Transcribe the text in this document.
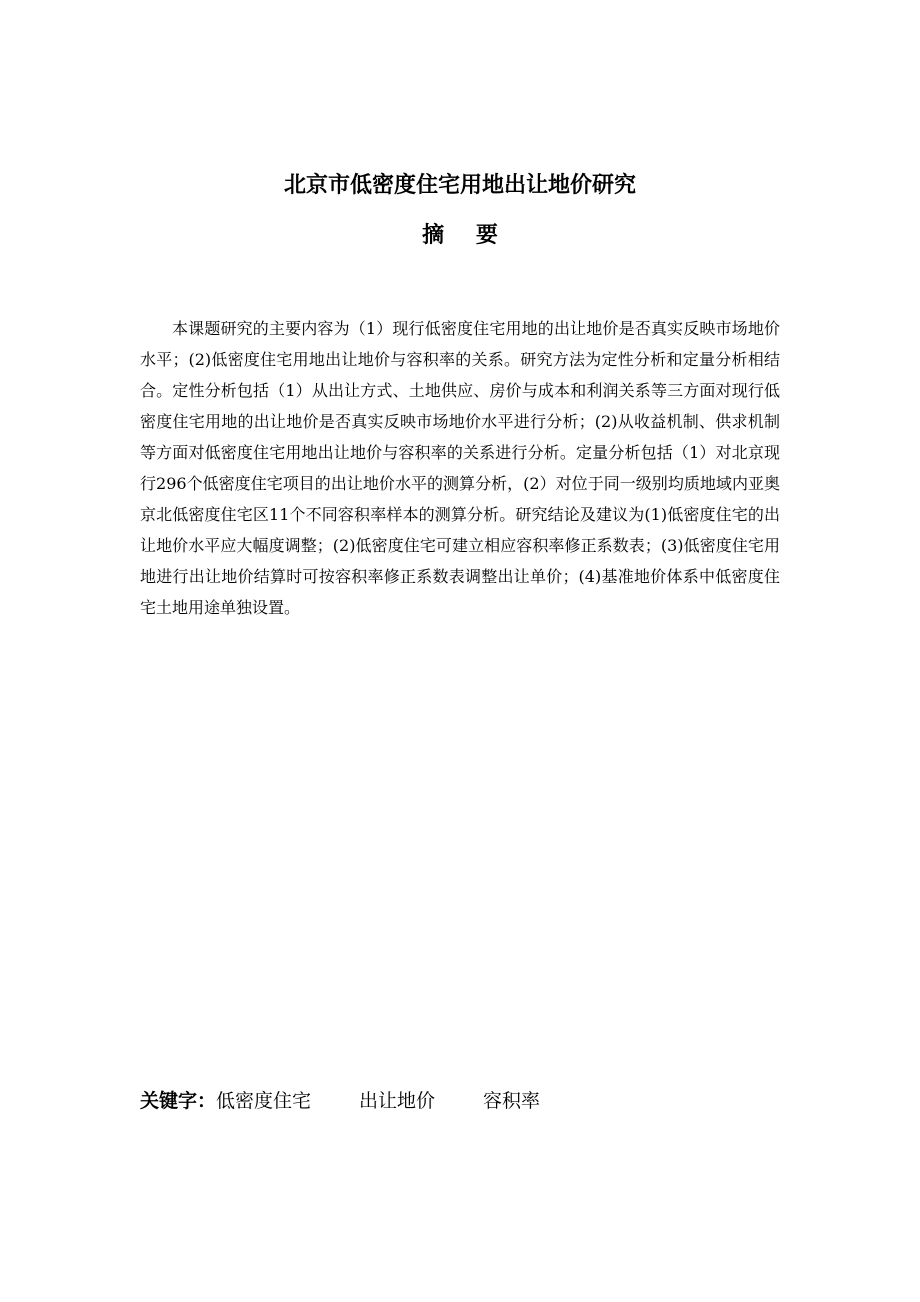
北京市低密度住宅用地出让地价研究
摘 要

本课题研究的主要内容为（1）现行低密度住宅用地的出让地价是否真实反映市场地价水平；(2)低密度住宅用地出让地价与容积率的关系。研究方法为定性分析和定量分析相结合。定性分析包括（1）从出让方式、土地供应、房价与成本和利润关系等三方面对现行低密度住宅用地的出让地价是否真实反映市场地价水平进行分析；(2)从收益机制、供求机制等方面对低密度住宅用地出让地价与容积率的关系进行分析。定量分析包括（1）对北京现行296个低密度住宅项目的出让地价水平的测算分析，(2）对位于同一级别均质地域内亚奥京北低密度住宅区11个不同容积率样本的测算分析。研究结论及建议为(1)低密度住宅的出让地价水平应大幅度调整；(2)低密度住宅可建立相应容积率修正系数表；(3)低密度住宅用地进行出让地价结算时可按容积率修正系数表调整出让单价；(4)基准地价体系中低密度住宅土地用途单独设置。

关键字：低密度住宅	出让地价	容积率
